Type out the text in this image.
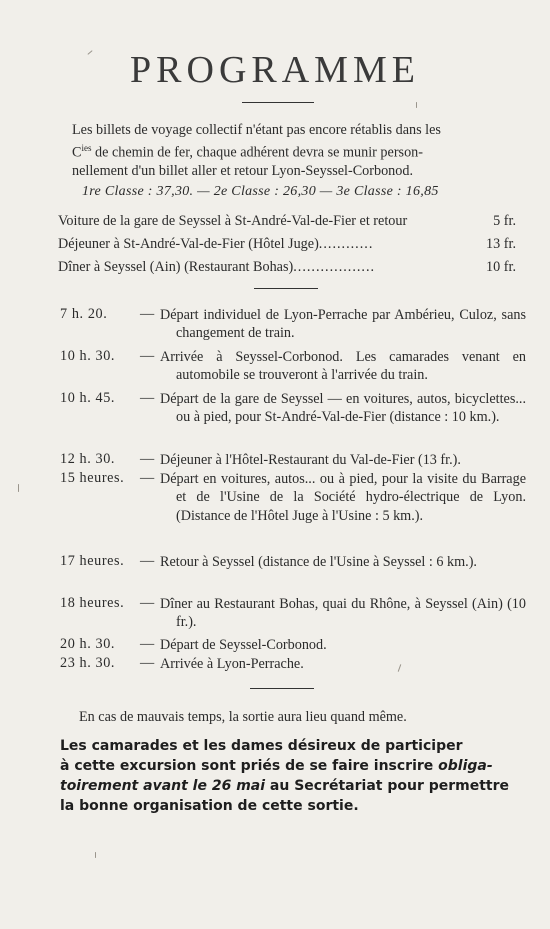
PROGRAMME
Les billets de voyage collectif n'étant pas encore rétablis dans les
$C^{ies}$ de chemin de fer, chaque adhérent devra se munir person-
nellement d'un billet aller et retour Lyon-Seyssel-Corbonod.
1re Classe : 37,30. — 2e Classe : 26,30 — 3e Classe : 16,85
Voiture de la gare de Seyssel à St-André-Val-de-Fier et retour	5 fr.
Déjeuner à St-André-Val-de-Fier (Hôtel Juge) ............	13 fr.
Dîner à Seyssel (Ain) (Restaurant Bohas) ..................	10 fr.
7 h. 20. — Départ individuel de Lyon-Perrache par Ambérieu, Culoz, sans changement de train.
10 h. 30. — Arrivée à Seyssel-Corbonod. Les camarades venant en automobile se trouveront à l'arrivée du train.
10 h. 45. — Départ de la gare de Seyssel — en voitures, autos, bicyclettes... ou à pied, pour St-André-Val-de-Fier (distance : 10 km.).
12 h. 30. — Déjeuner à l'Hôtel-Restaurant du Val-de-Fier (13 fr.).
15 heures. — Départ en voitures, autos... ou à pied, pour la visite du Barrage et de l'Usine de la Société hydro-électrique de Lyon. (Distance de l'Hôtel Juge à l'Usine : 5 km.).
17 heures. — Retour à Seyssel (distance de l'Usine à Seyssel : 6 km.).
18 heures. — Dîner au Restaurant Bohas, quai du Rhône, à Seyssel (Ain) (10 fr.).
20 h. 30. — Départ de Seyssel-Corbonod.
23 h. 30. — Arrivée à Lyon-Perrache.
En cas de mauvais temps, la sortie aura lieu quand même.
Les camarades et les dames désireux de participer
à cette excursion sont priés de se faire inscrire obliga-
toirement avant le 26 mai au Secrétariat pour permettre
la bonne organisation de cette sortie.
